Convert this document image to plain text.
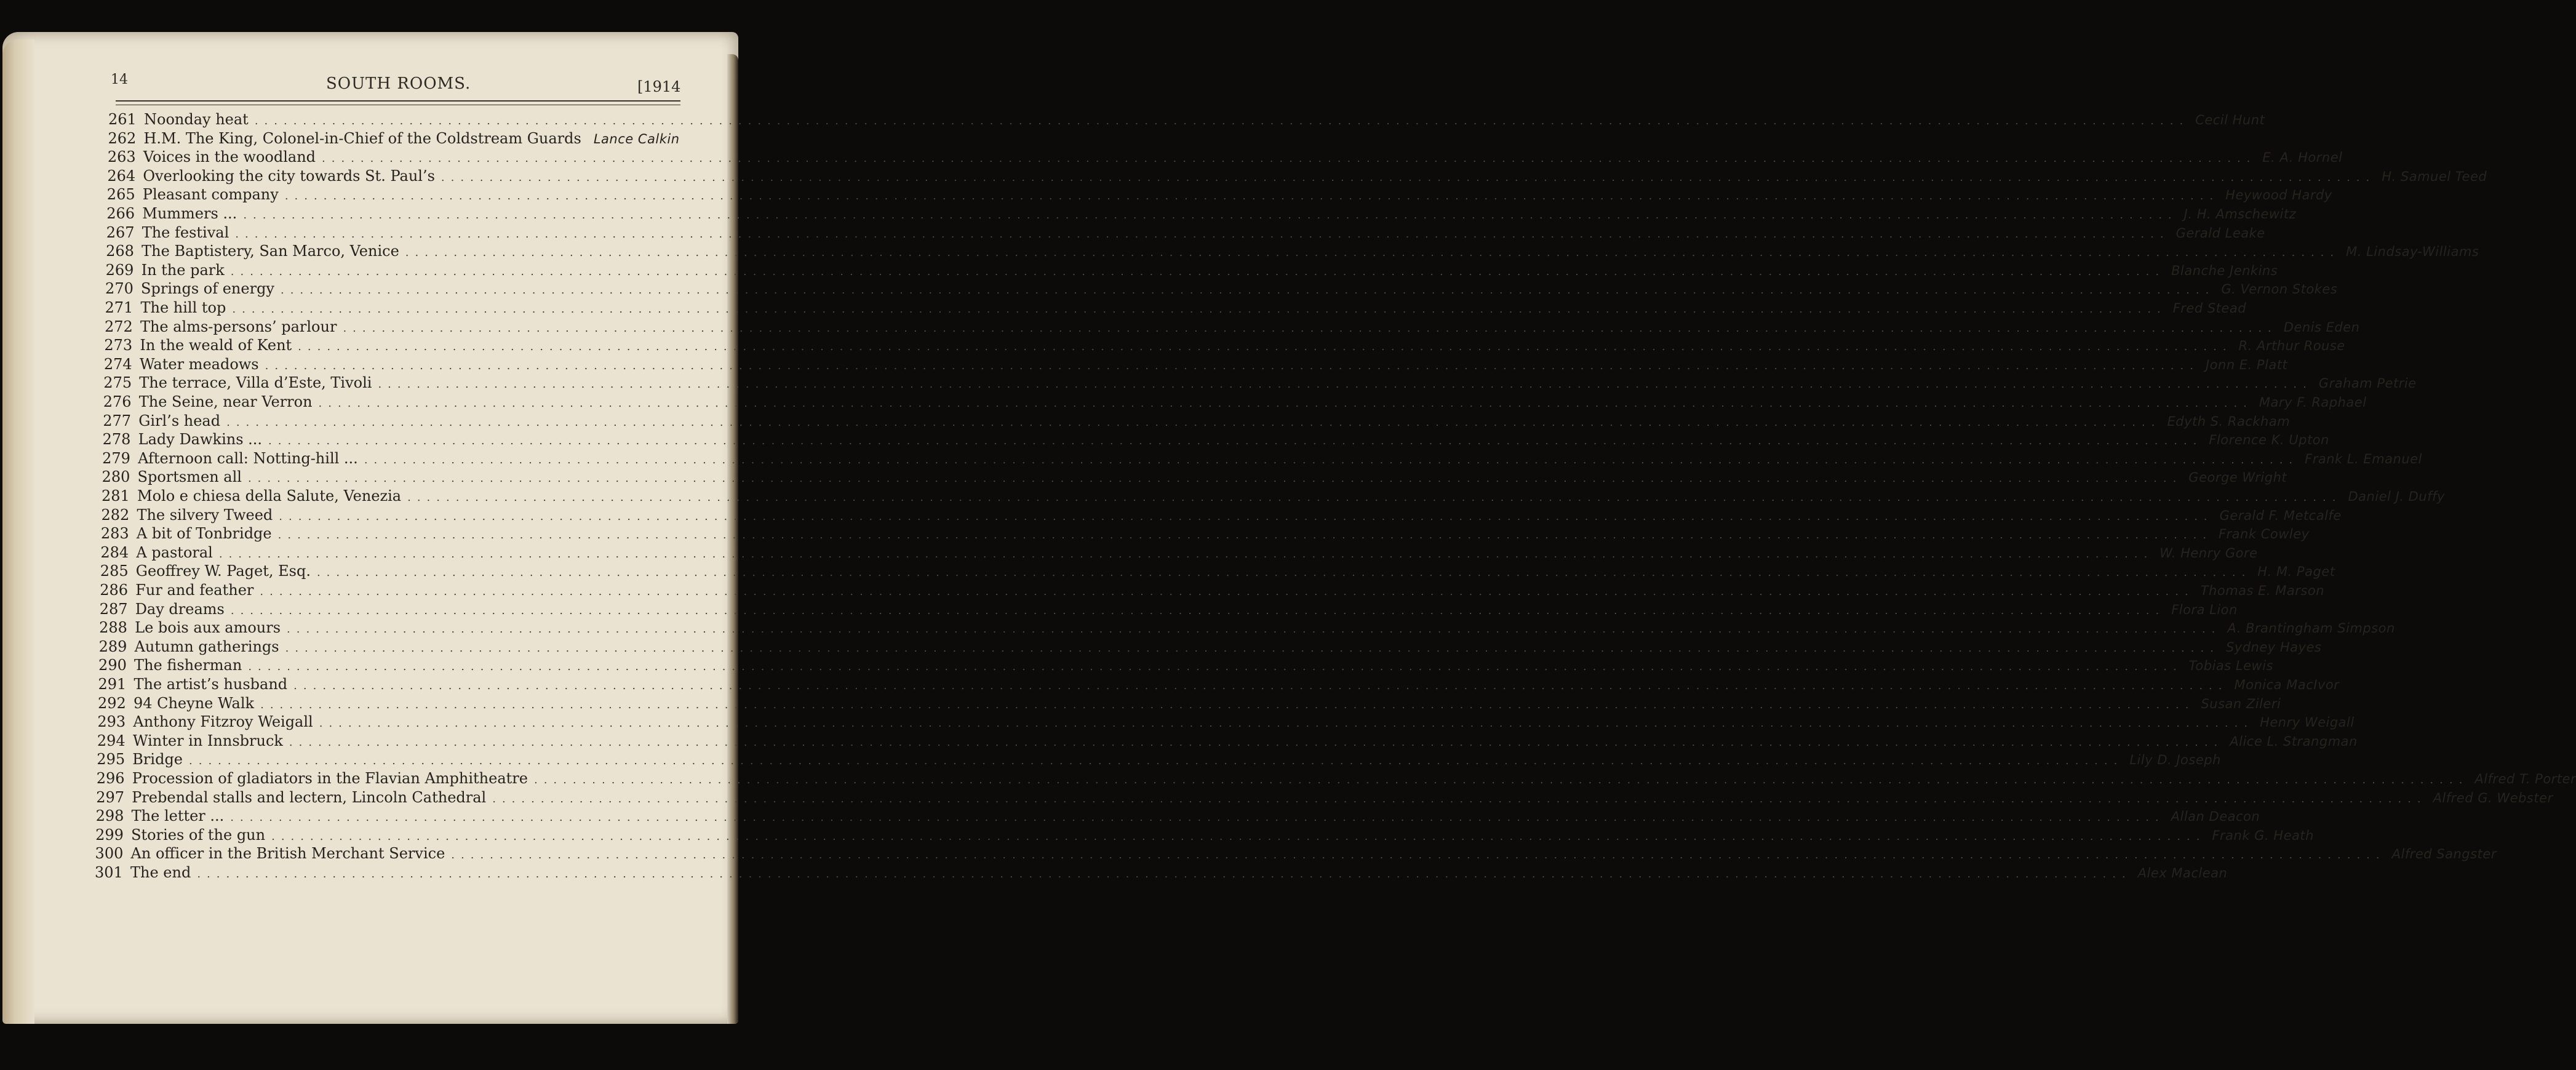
14	SOUTH ROOMS.	[1914
261 Noonday heat ........................................................................................................................................................................................................ Cecil Hunt
262 H.M. The King, Colonel-in-Chief of the Coldstream Guards Lance Calkin
263 Voices in the woodland ........................................................................................................................................................................................................ E. A. Hornel
264 Overlooking the city towards St. Paul’s ........................................................................................................................................................................................................ H. Samuel Teed
265 Pleasant company ........................................................................................................................................................................................................ Heywood Hardy
266 Mummers ... ........................................................................................................................................................................................................ J. H. Amschewitz
267 The festival ........................................................................................................................................................................................................ Gerald Leake
268 The Baptistery, San Marco, Venice ........................................................................................................................................................................................................ M. Lindsay-Williams
269 In the park ........................................................................................................................................................................................................ Blanche Jenkins
270 Springs of energy ........................................................................................................................................................................................................ G. Vernon Stokes
271 The hill top ........................................................................................................................................................................................................ Fred Stead
272 The alms-persons’ parlour ........................................................................................................................................................................................................ Denis Eden
273 In the weald of Kent ........................................................................................................................................................................................................ R. Arthur Rouse
274 Water meadows ........................................................................................................................................................................................................ Jonn E. Platt
275 The terrace, Villa d’Este, Tivoli ........................................................................................................................................................................................................ Graham Petrie
276 The Seine, near Verron ........................................................................................................................................................................................................ Mary F. Raphael
277 Girl’s head ........................................................................................................................................................................................................ Edyth S. Rackham
278 Lady Dawkins ... ........................................................................................................................................................................................................ Florence K. Upton
279 Afternoon call: Notting-hill ... ........................................................................................................................................................................................................ Frank L. Emanuel
280 Sportsmen all ........................................................................................................................................................................................................ George Wright
281 Molo e chiesa della Salute, Venezia ........................................................................................................................................................................................................ Daniel J. Duffy
282 The silvery Tweed ........................................................................................................................................................................................................ Gerald F. Metcalfe
283 A bit of Tonbridge ........................................................................................................................................................................................................ Frank Cowley
284 A pastoral ........................................................................................................................................................................................................ W. Henry Gore
285 Geoffrey W. Paget, Esq. ........................................................................................................................................................................................................ H. M. Paget
286 Fur and feather ........................................................................................................................................................................................................ Thomas E. Marson
287 Day dreams ........................................................................................................................................................................................................ Flora Lion
288 Le bois aux amours ........................................................................................................................................................................................................ A. Brantingham Simpson
289 Autumn gatherings ........................................................................................................................................................................................................ Sydney Hayes
290 The fisherman ........................................................................................................................................................................................................ Tobias Lewis
291 The artist’s husband ........................................................................................................................................................................................................ Monica MacIvor
292 94 Cheyne Walk ........................................................................................................................................................................................................ Susan Zileri
293 Anthony Fitzroy Weigall ........................................................................................................................................................................................................ Henry Weigall
294 Winter in Innsbruck ........................................................................................................................................................................................................ Alice L. Strangman
295 Bridge ........................................................................................................................................................................................................ Lily D. Joseph
296 Procession of gladiators in the Flavian Amphitheatre ........................................................................................................................................................................................................ Alfred T. Porter
297 Prebendal stalls and lectern, Lincoln Cathedral ........................................................................................................................................................................................................ Alfred G. Webster
298 The letter ... ........................................................................................................................................................................................................ Allan Deacon
299 Stories of the gun ........................................................................................................................................................................................................ Frank G. Heath
300 An officer in the British Merchant Service ........................................................................................................................................................................................................ Alfred Sangster
301 The end ........................................................................................................................................................................................................ Alex Maclean
